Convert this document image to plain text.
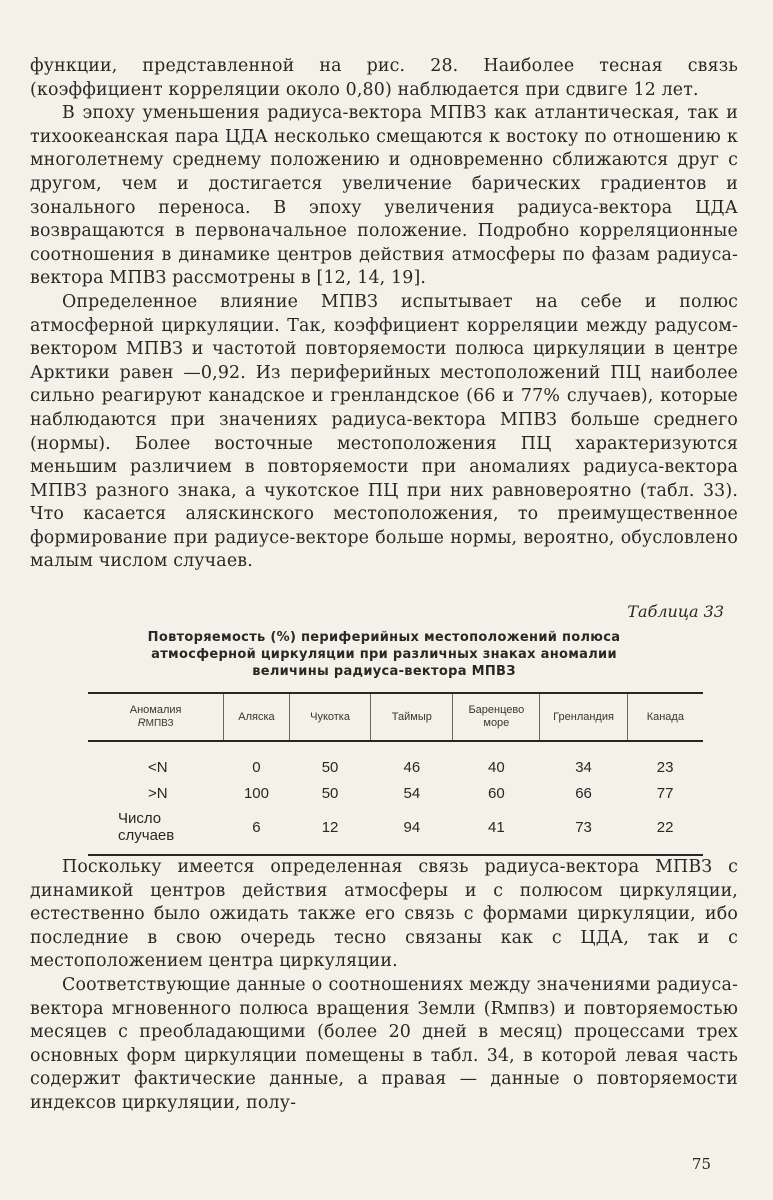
функции, представленной на рис. 28. Наиболее тесная связь (коэффициент корреляции около 0,80) наблюдается при сдвиге 12 лет.

В эпоху уменьшения радиуса-вектора МПВЗ как атлантическая, так и тихоокеанская пара ЦДА несколько смещаются к востоку по отношению к многолетнему среднему положению и одновременно сближаются друг с другом, чем и достигается увеличение барических градиентов и зонального переноса. В эпоху увеличения радиуса-вектора ЦДА возвращаются в первоначальное положение. Подробно корреляционные соотношения в динамике центров действия атмосферы по фазам радиуса-вектора МПВЗ рассмотрены в [12, 14, 19].

Определенное влияние МПВЗ испытывает на себе и полюс атмосферной циркуляции. Так, коэффициент корреляции между радусом-вектором МПВЗ и частотой повторяемости полюса циркуляции в центре Арктики равен —0,92. Из периферийных местоположений ПЦ наиболее сильно реагируют канадское и гренландское (66 и 77% случаев), которые наблюдаются при значениях радиуса-вектора МПВЗ больше среднего (нормы). Более восточные местоположения ПЦ характеризуются меньшим различием в повторяемости при аномалиях радиуса-вектора МПВЗ разного знака, а чукотское ПЦ при них равновероятно (табл. 33). Что касается аляскинского местоположения, то преимущественное формирование при радиусе-векторе больше нормы, вероятно, обусловлено малым числом случаев.

Таблица 33
Повторяемость (%) периферийных местоположений полюса
атмосферной циркуляции при различных знаках аномалии
величины радиуса-вектора МПВЗ
Аномалия
RМПВЗ	Аляска	Чукотка	Таймыр	Баренцево море	Гренландия	Канада
<N	0	50	46	40	34	23
>N	100	50	54	60	66	77
Число случаев	6	12	94	41	73	22

Поскольку имеется определенная связь радиуса-вектора МПВЗ с динамикой центров действия атмосферы и с полюсом циркуляции, естественно было ожидать также его связь с формами циркуляции, ибо последние в свою очередь тесно связаны как с ЦДА, так и с местоположением центра циркуляции.

Соответствующие данные о соотношениях между значениями радиуса-вектора мгновенного полюса вращения Земли (Rмпвз) и повторяемостью месяцев с преобладающими (более 20 дней в месяц) процессами трех основных форм циркуляции помещены в табл. 34, в которой левая часть содержит фактические данные, а правая — данные о повторяемости индексов циркуляции, полу-

75
